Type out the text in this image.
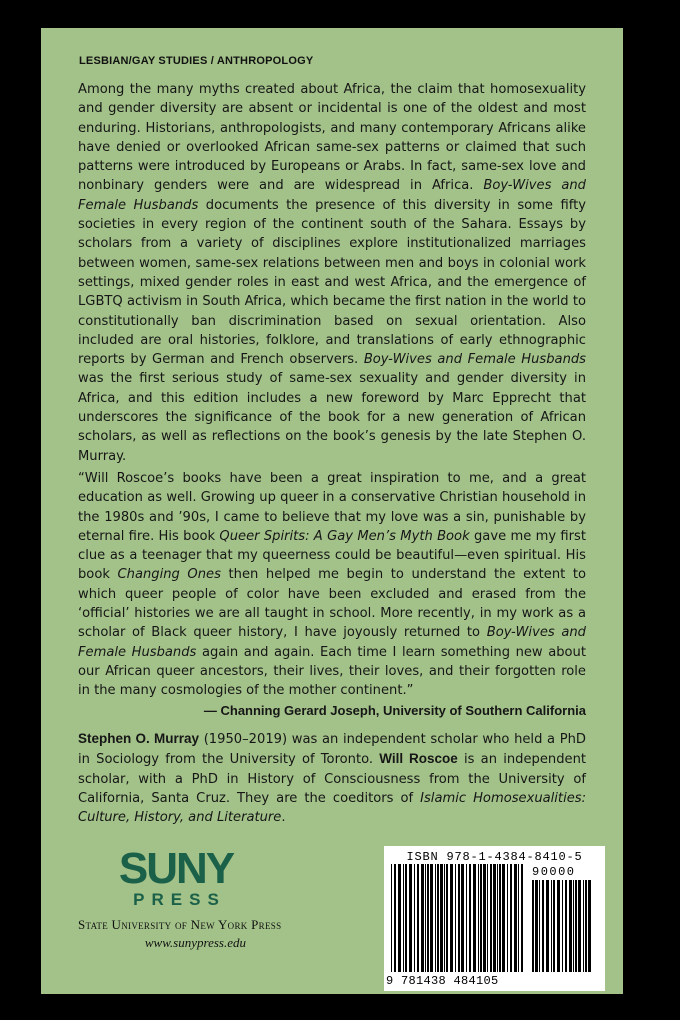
LESBIAN/GAY STUDIES / ANTHROPOLOGY

Among the many myths created about Africa, the claim that homosexuality and gender diversity are absent or incidental is one of the oldest and most enduring. Historians, anthropologists, and many contemporary Africans alike have denied or overlooked African same-sex patterns or claimed that such patterns were introduced by Europeans or Arabs. In fact, same-sex love and nonbinary genders were and are widespread in Africa. Boy-Wives and Female Husbands documents the presence of this diversity in some fifty societies in every region of the continent south of the Sahara. Essays by scholars from a variety of disciplines explore institutionalized marriages between women, same-sex relations between men and boys in colonial work settings, mixed gender roles in east and west Africa, and the emergence of LGBTQ activism in South Africa, which became the first nation in the world to constitutionally ban discrimination based on sexual orientation. Also included are oral histories, folklore, and translations of early ethnographic reports by German and French observers. Boy-Wives and Female Husbands was the first serious study of same-sex sexuality and gender diversity in Africa, and this edition includes a new foreword by Marc Epprecht that underscores the significance of the book for a new generation of African scholars, as well as reflections on the book’s genesis by the late Stephen O. Murray.

“Will Roscoe’s books have been a great inspiration to me, and a great education as well. Growing up queer in a conservative Christian household in the 1980s and ’90s, I came to believe that my love was a sin, punishable by eternal fire. His book Queer Spirits: A Gay Men’s Myth Book gave me my first clue as a teenager that my queerness could be beautiful—even spiritual. His book Changing Ones then helped me begin to understand the extent to which queer people of color have been excluded and erased from the ‘official’ histories we are all taught in school. More recently, in my work as a scholar of Black queer history, I have joyously returned to Boy-Wives and Female Husbands again and again. Each time I learn something new about our African queer ancestors, their lives, their loves, and their forgotten role in the many cosmologies of the mother continent.”
— Channing Gerard Joseph, University of Southern California

Stephen O. Murray (1950–2019) was an independent scholar who held a PhD in Sociology from the University of Toronto. Will Roscoe is an independent scholar, with a PhD in History of Consciousness from the University of California, Santa Cruz. They are the coeditors of Islamic Homosexualities: Culture, History, and Literature.

SUNY
PRESS
State University of New York Press
www.sunypress.edu
ISBN 978-1-4384-8410-5
90000
9 781438 484105
